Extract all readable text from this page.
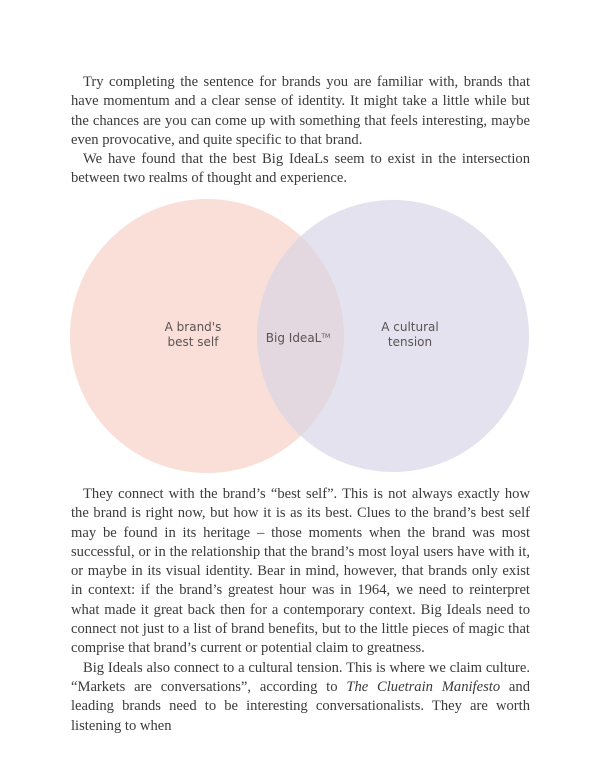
Try completing the sentence for brands you are familiar with, brands that have momentum and a clear sense of identity. It might take a little while but the chances are you can come up with something that feels interesting, maybe even provocative, and quite specific to that brand.

We have found that the best Big IdeaLs seem to exist in the intersection between two realms of thought and experience.

A brand's
best self	Big IdeaL™
A cultural
tension

They connect with the brand’s “best self”. This is not always exactly how the brand is right now, but how it is as its best. Clues to the brand’s best self may be found in its heritage – those moments when the brand was most successful, or in the relationship that the brand’s most loyal users have with it, or maybe in its visual identity. Bear in mind, however, that brands only exist in context: if the brand’s greatest hour was in 1964, we need to reinterpret what made it great back then for a contemporary context. Big Ideals need to connect not just to a list of brand benefits, but to the little pieces of magic that comprise that brand’s current or potential claim to greatness.

Big Ideals also connect to a cultural tension. This is where we claim culture. “Markets are conversations”, according to The Cluetrain Manifesto and leading brands need to be interesting conversationalists. They are worth listening to when
